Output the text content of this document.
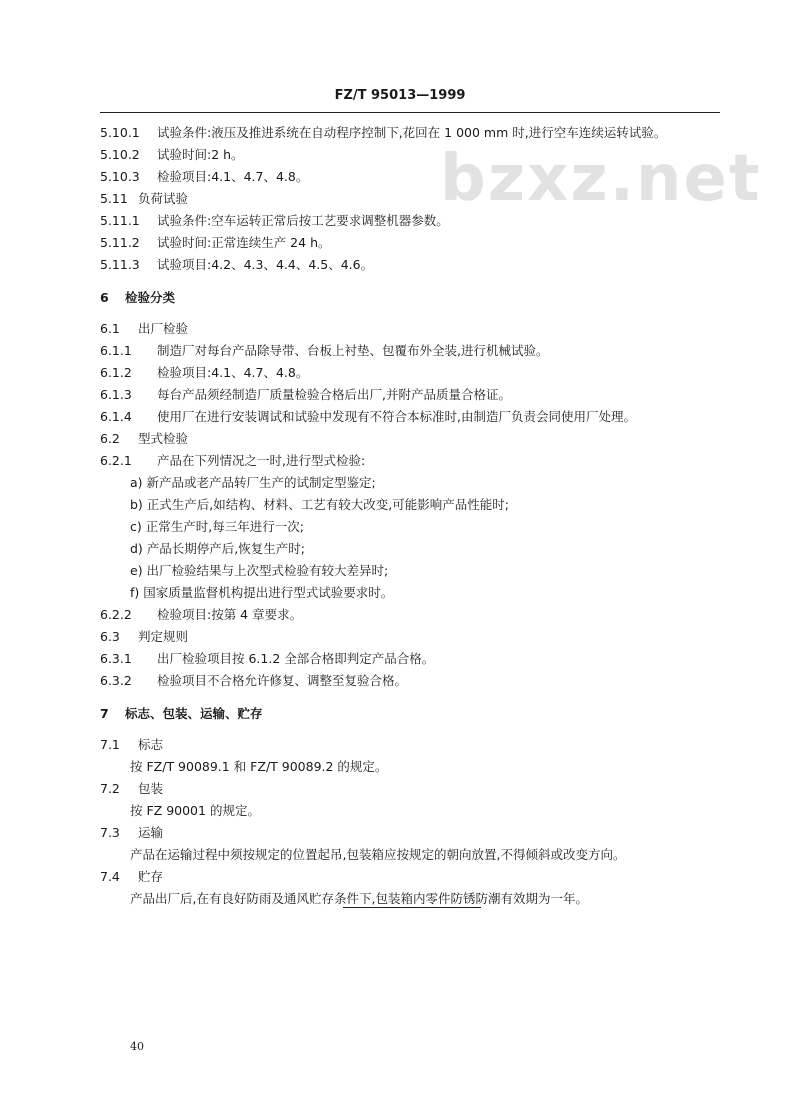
FZ/T 95013—1999
bzxz.net
5.10.1 试验条件:液压及推进系统在自动程序控制下,花回在 1 000 mm 时,进行空车连续运转试验。
5.10.2 试验时间:2 h。
5.10.3 检验项目:4.1、4.7、4.8。
5.11 负荷试验
5.11.1 试验条件:空车运转正常后按工艺要求调整机器参数。
5.11.2 试验时间:正常连续生产 24 h。
5.11.3 试验项目:4.2、4.3、4.4、4.5、4.6。
6 检验分类
6.1 出厂检验
6.1.1 制造厂对每台产品除导带、台板上衬垫、包覆布外全装,进行机械试验。
6.1.2 检验项目:4.1、4.7、4.8。
6.1.3 每台产品须经制造厂质量检验合格后出厂,并附产品质量合格证。
6.1.4 使用厂在进行安装调试和试验中发现有不符合本标准时,由制造厂负责会同使用厂处理。
6.2 型式检验
6.2.1 产品在下列情况之一时,进行型式检验:
a) 新产品或老产品转厂生产的试制定型鉴定;
b) 正式生产后,如结构、材料、工艺有较大改变,可能影响产品性能时;
c) 正常生产时,每三年进行一次;
d) 产品长期停产后,恢复生产时;
e) 出厂检验结果与上次型式检验有较大差异时;
f) 国家质量监督机构提出进行型式试验要求时。
6.2.2 检验项目:按第 4 章要求。
6.3 判定规则
6.3.1 出厂检验项目按 6.1.2 全部合格即判定产品合格。
6.3.2 检验项目不合格允许修复、调整至复验合格。
7 标志、包装、运输、贮存
7.1 标志
按 FZ/T 90089.1 和 FZ/T 90089.2 的规定。
7.2 包装
按 FZ 90001 的规定。
7.3 运输
产品在运输过程中须按规定的位置起吊,包装箱应按规定的朝向放置,不得倾斜或改变方向。
7.4 贮存
产品出厂后,在有良好防雨及通风贮存条件下,包装箱内零件防锈防潮有效期为一年。
40
